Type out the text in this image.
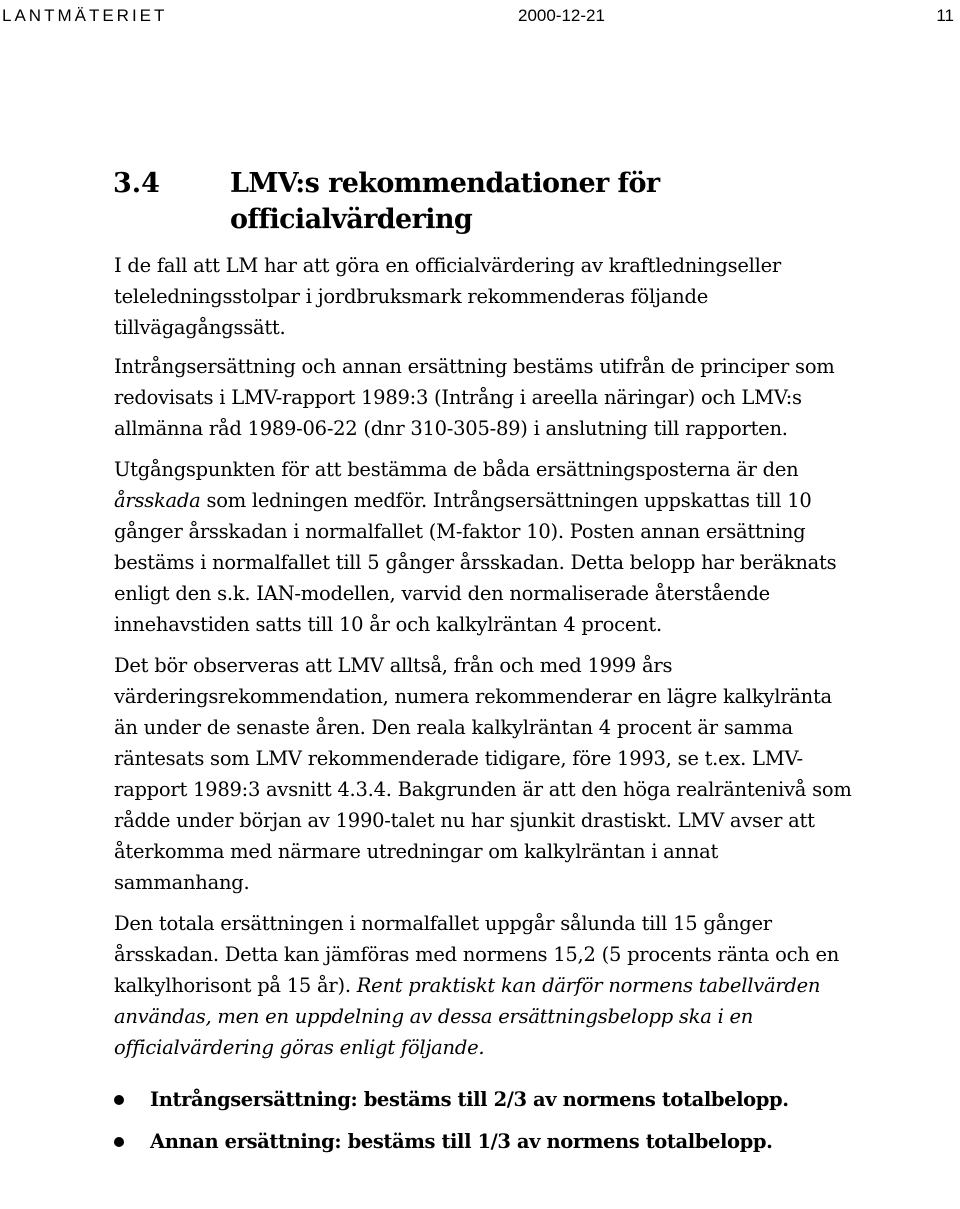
LANTMÄTERIET	2000-12-21	11
3.4	LMV:s rekommendationer för officialvärdering

I de fall att LM har att göra en officialvärdering av kraftledningseller teleledningsstolpar i jordbruksmark rekommenderas följande tillvägagångssätt.

Intrångsersättning och annan ersättning bestäms utifrån de principer som redovisats i LMV-rapport 1989:3 (Intrång i areella näringar) och LMV:s allmänna råd 1989-06-22 (dnr 310-305-89) i anslutning till rapporten.

Utgångspunkten för att bestämma de båda ersättningsposterna är den årsskada som ledningen medför. Intrångsersättningen uppskattas till 10 gånger årsskadan i normalfallet (M-faktor 10). Posten annan ersättning bestäms i normalfallet till 5 gånger årsskadan. Detta belopp har beräknats enligt den s.k. IAN-modellen, varvid den normaliserade återstående innehavstiden satts till 10 år och kalkylräntan 4 procent.

Det bör observeras att LMV alltså, från och med 1999 års värderingsrekommendation, numera rekommenderar en lägre kalkylränta än under de senaste åren. Den reala kalkylräntan 4 procent är samma räntesats som LMV rekommenderade tidigare, före 1993, se t.ex. LMV-rapport 1989:3 avsnitt 4.3.4. Bakgrunden är att den höga realräntenivå som rådde under början av 1990-talet nu har sjunkit drastiskt. LMV avser att återkomma med närmare utredningar om kalkylräntan i annat sammanhang.

Den totala ersättningen i normalfallet uppgår sålunda till 15 gånger årsskadan. Detta kan jämföras med normens 15,2 (5 procents ränta och en kalkylhorisont på 15 år). Rent praktiskt kan därför normens tabellvärden användas, men en uppdelning av dessa ersättningsbelopp ska i en officialvärdering göras enligt följande.

Intrångsersättning: bestäms till 2/3 av normens totalbelopp.
Annan ersättning: bestäms till 1/3 av normens totalbelopp.
